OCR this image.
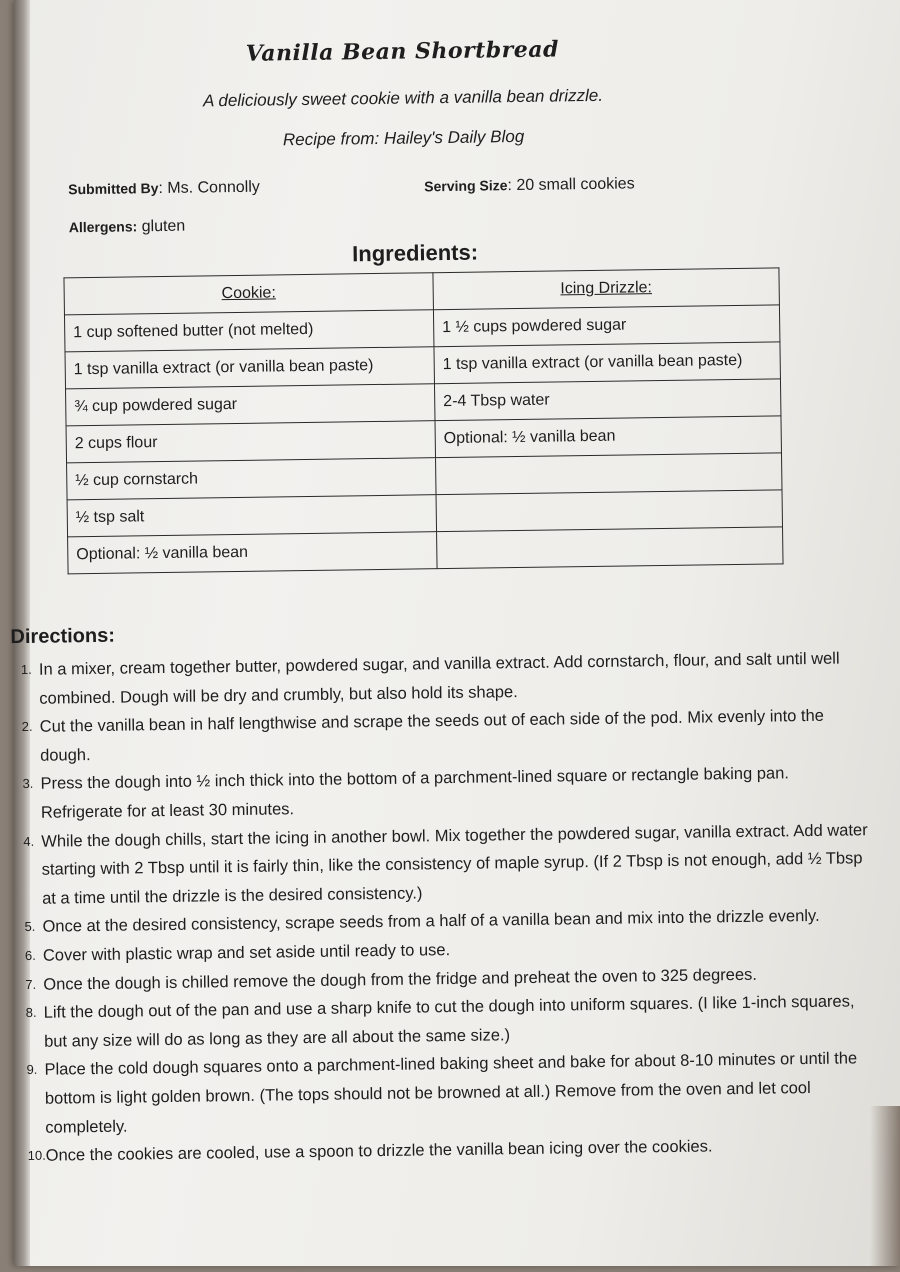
Vanilla Bean Shortbread
A deliciously sweet cookie with a vanilla bean drizzle.
Recipe from: Hailey's Daily Blog
Submitted By: Ms. Connolly	Serving Size: 20 small cookies
Allergens: gluten
Ingredients:
Cookie:	Icing Drizzle:
1 cup softened butter (not melted)	1 ½ cups powdered sugar
1 tsp vanilla extract (or vanilla bean paste)	1 tsp vanilla extract (or vanilla bean paste)
¾ cup powdered sugar	2-4 Tbsp water
2 cups flour	Optional: ½ vanilla bean
½ cup cornstarch	
½ tsp salt	
Optional: ½ vanilla bean	
Directions:
1. In a mixer, cream together butter, powdered sugar, and vanilla extract. Add cornstarch, flour, and salt until well combined. Dough will be dry and crumbly, but also hold its shape.
2. Cut the vanilla bean in half lengthwise and scrape the seeds out of each side of the pod. Mix evenly into the dough.
3. Press the dough into ½ inch thick into the bottom of a parchment-lined square or rectangle baking pan. Refrigerate for at least 30 minutes.
4. While the dough chills, start the icing in another bowl. Mix together the powdered sugar, vanilla extract. Add water starting with 2 Tbsp until it is fairly thin, like the consistency of maple syrup. (If 2 Tbsp is not enough, add ½ Tbsp at a time until the drizzle is the desired consistency.)
5. Once at the desired consistency, scrape seeds from a half of a vanilla bean and mix into the drizzle evenly.
6. Cover with plastic wrap and set aside until ready to use.
7. Once the dough is chilled remove the dough from the fridge and preheat the oven to 325 degrees.
8. Lift the dough out of the pan and use a sharp knife to cut the dough into uniform squares. (I like 1-inch squares, but any size will do as long as they are all about the same size.)
9. Place the cold dough squares onto a parchment-lined baking sheet and bake for about 8-10 minutes or until the bottom is light golden brown. (The tops should not be browned at all.) Remove from the oven and let cool completely.
10. Once the cookies are cooled, use a spoon to drizzle the vanilla bean icing over the cookies.
